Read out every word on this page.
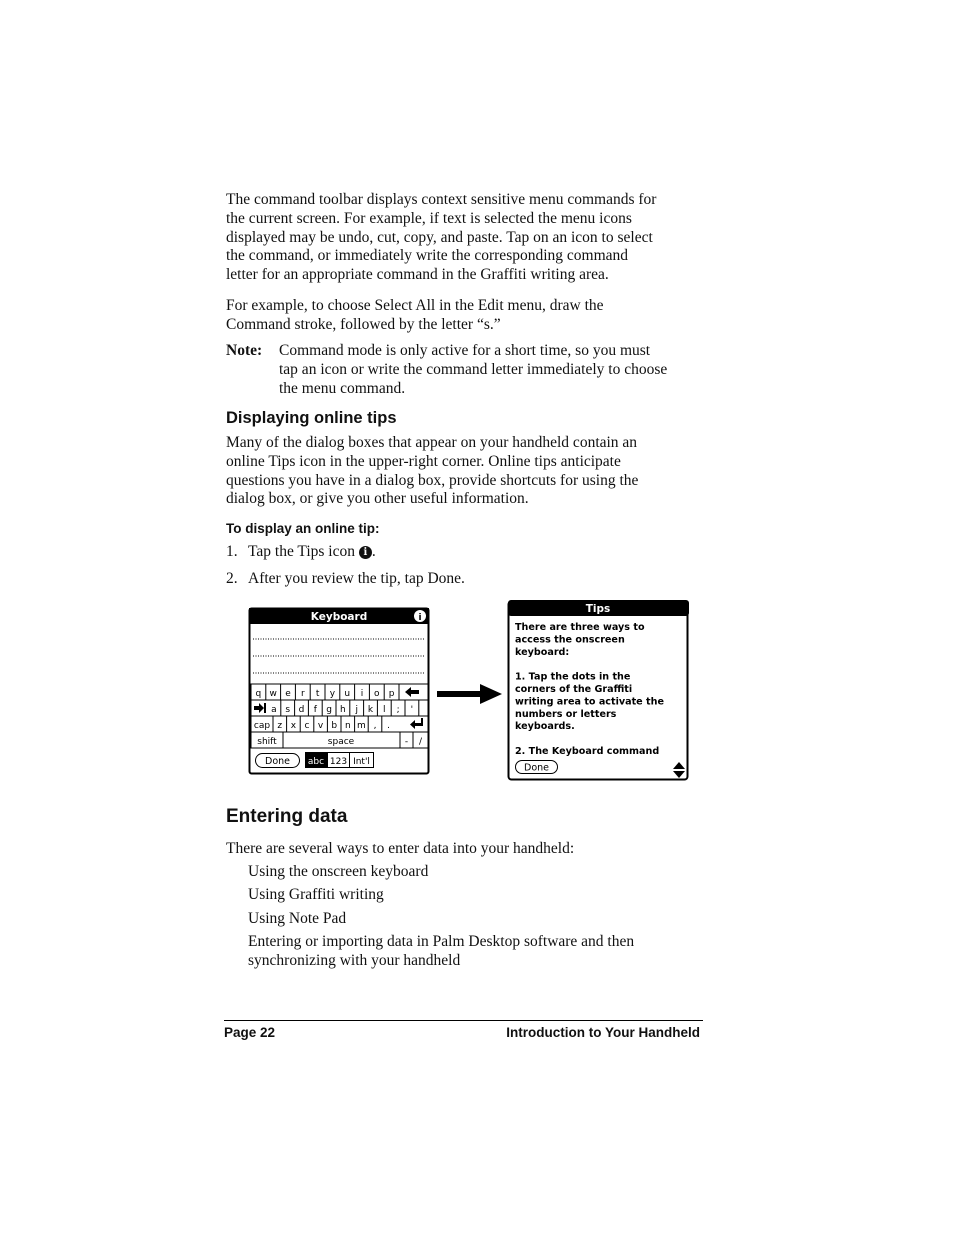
The command toolbar displays context sensitive menu commands for
the current screen. For example, if text is selected the menu icons
displayed may be undo, cut, copy, and paste. Tap on an icon to select
the command, or immediately write the corresponding command
letter for an appropriate command in the Graffiti writing area.
For example, to choose Select All in the Edit menu, draw the
Command stroke, followed by the letter “s.”
Note: Command mode is only active for a short time, so you must
tap an icon or write the command letter immediately to choose
the menu command.
Displaying online tips
Many of the dialog boxes that appear on your handheld contain an
online Tips icon in the upper-right corner. Online tips anticipate
questions you have in a dialog box, provide shortcuts for using the
dialog box, or give you other useful information.
To display an online tip:
1. Tap the Tips icon i .
2. After you review the tip, tap Done.
Keyboard	i
q w e r t y u i o p
a s d f g h j k l ; '
cap z x c v b n m , .
shift	space	- /
Done abc 123 Int'l
Tips
There are three ways to
access the onscreen
keyboard:
1. Tap the dots in the
corners of the Graffiti
writing area to activate the
numbers or letters
keyboards.
2. The Keyboard command
Done
Entering data
There are several ways to enter data into your handheld:
Using the onscreen keyboard
Using Graffiti writing
Using Note Pad
Entering or importing data in Palm Desktop software and then
synchronizing with your handheld
Page 22	Introduction to Your Handheld
